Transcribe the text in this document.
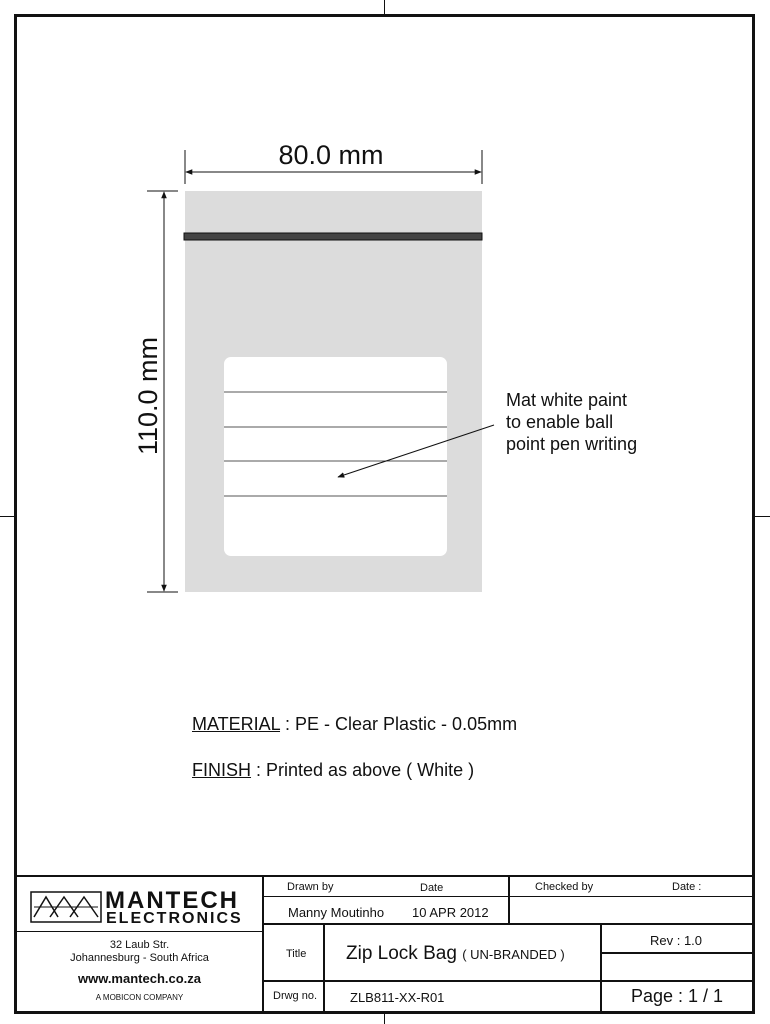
80.0 mm
110.0 mm	Mat white paint
to enable ball
point pen writing
MATERIAL : PE - Clear Plastic - 0.05mm
FINISH : Printed as above ( White )
MANTECH
ELECTRONICS
32 Laub Str.
Johannesburg - South Africa
www.mantech.co.za
A MOBICON COMPANY
Drawn by	Date	Checked by	Date :
Manny Moutinho 10 APR 2012
Title Zip Lock Bag ( UN-BRANDED )
Rev : 1.0
Drwg no.	ZLB811-XX-R01	Page : 1 / 1
